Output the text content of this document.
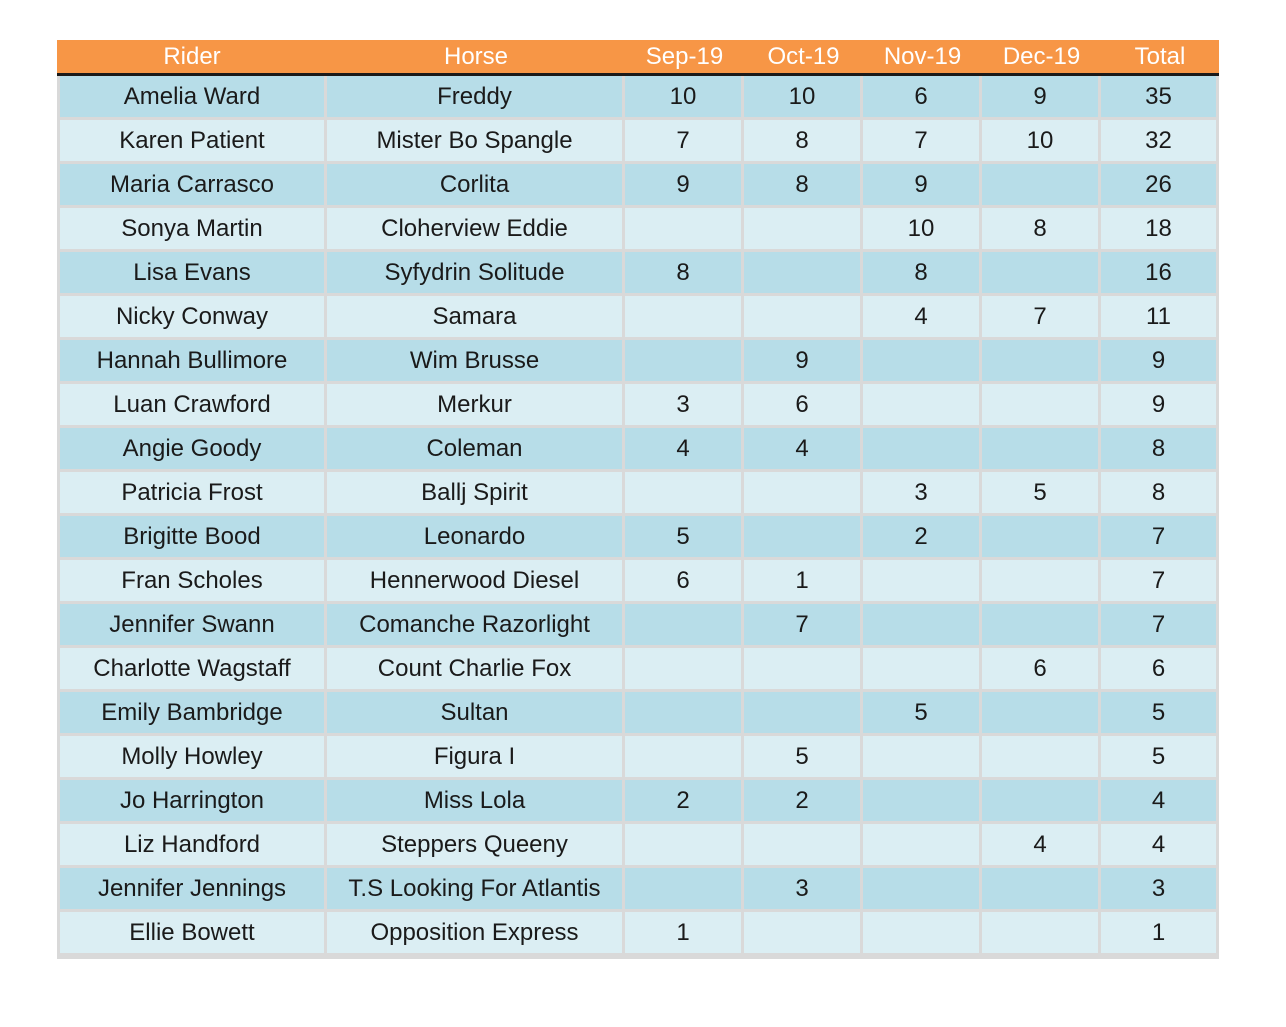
Rider	Horse	Sep-19	Oct-19	Nov-19	Dec-19	Total
Amelia Ward	Freddy	10	10	6	9	35
Karen Patient	Mister Bo Spangle	7	8	7	10	32
Maria Carrasco	Corlita	9	8	9		26
Sonya Martin	Cloherview Eddie			10	8	18
Lisa Evans	Syfydrin Solitude	8		8		16
Nicky Conway	Samara			4	7	11
Hannah Bullimore	Wim Brusse		9			9
Luan Crawford	Merkur	3	6			9
Angie Goody	Coleman	4	4			8
Patricia Frost	Ballj Spirit			3	5	8
Brigitte Bood	Leonardo	5		2		7
Fran Scholes	Hennerwood Diesel	6	1			7
Jennifer Swann	Comanche Razorlight		7			7
Charlotte Wagstaff	Count Charlie Fox				6	6
Emily Bambridge	Sultan			5		5
Molly Howley	Figura I		5			5
Jo Harrington	Miss Lola	2	2			4
Liz Handford	Steppers Queeny				4	4
Jennifer Jennings	T.S Looking For Atlantis		3			3
Ellie Bowett	Opposition Express	1				1
